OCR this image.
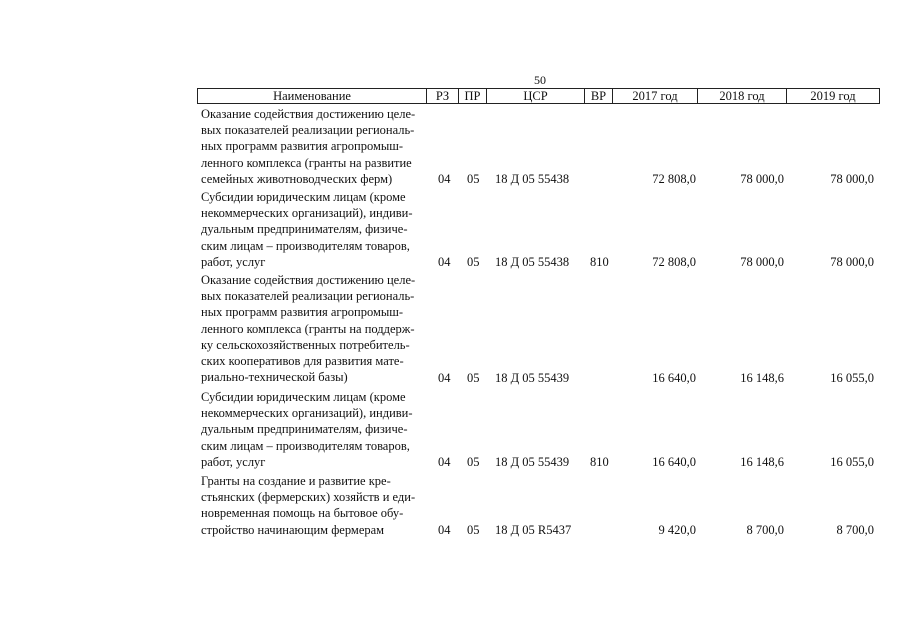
50
Наименование	РЗ	ПР	ЦСР	ВР	2017 год	2018 год	2019 год
Оказание содействия достижению целе-
вых показателей реализации региональ-
ных программ развития агропромыш-
ленного комплекса (гранты на развитие
семейных животноводческих ферм)	04 05 18 Д 05 55438	72 808,0	78 000,0	78 000,0
Субсидии юридическим лицам (кроме
некоммерческих организаций), индиви-
дуальным предпринимателям, физиче-
ским лицам – производителям товаров,
работ, услуг	04 05 18 Д 05 55438 810	72 808,0	78 000,0	78 000,0
Оказание содействия достижению целе-
вых показателей реализации региональ-
ных программ развития агропромыш-
ленного комплекса (гранты на поддерж-
ку сельскохозяйственных потребитель-
ских кооперативов для развития мате-
риально-технической базы)	04 05 18 Д 05 55439	16 640,0	16 148,6	16 055,0
Субсидии юридическим лицам (кроме
некоммерческих организаций), индиви-
дуальным предпринимателям, физиче-
ским лицам – производителям товаров,
работ, услуг	04 05 18 Д 05 55439 810	16 640,0	16 148,6	16 055,0
Гранты на создание и развитие кре-
стьянских (фермерских) хозяйств и еди-
новременная помощь на бытовое обу-
стройство начинающим фермерам	04 05 18 Д 05 R5437	9 420,0	8 700,0	8 700,0
